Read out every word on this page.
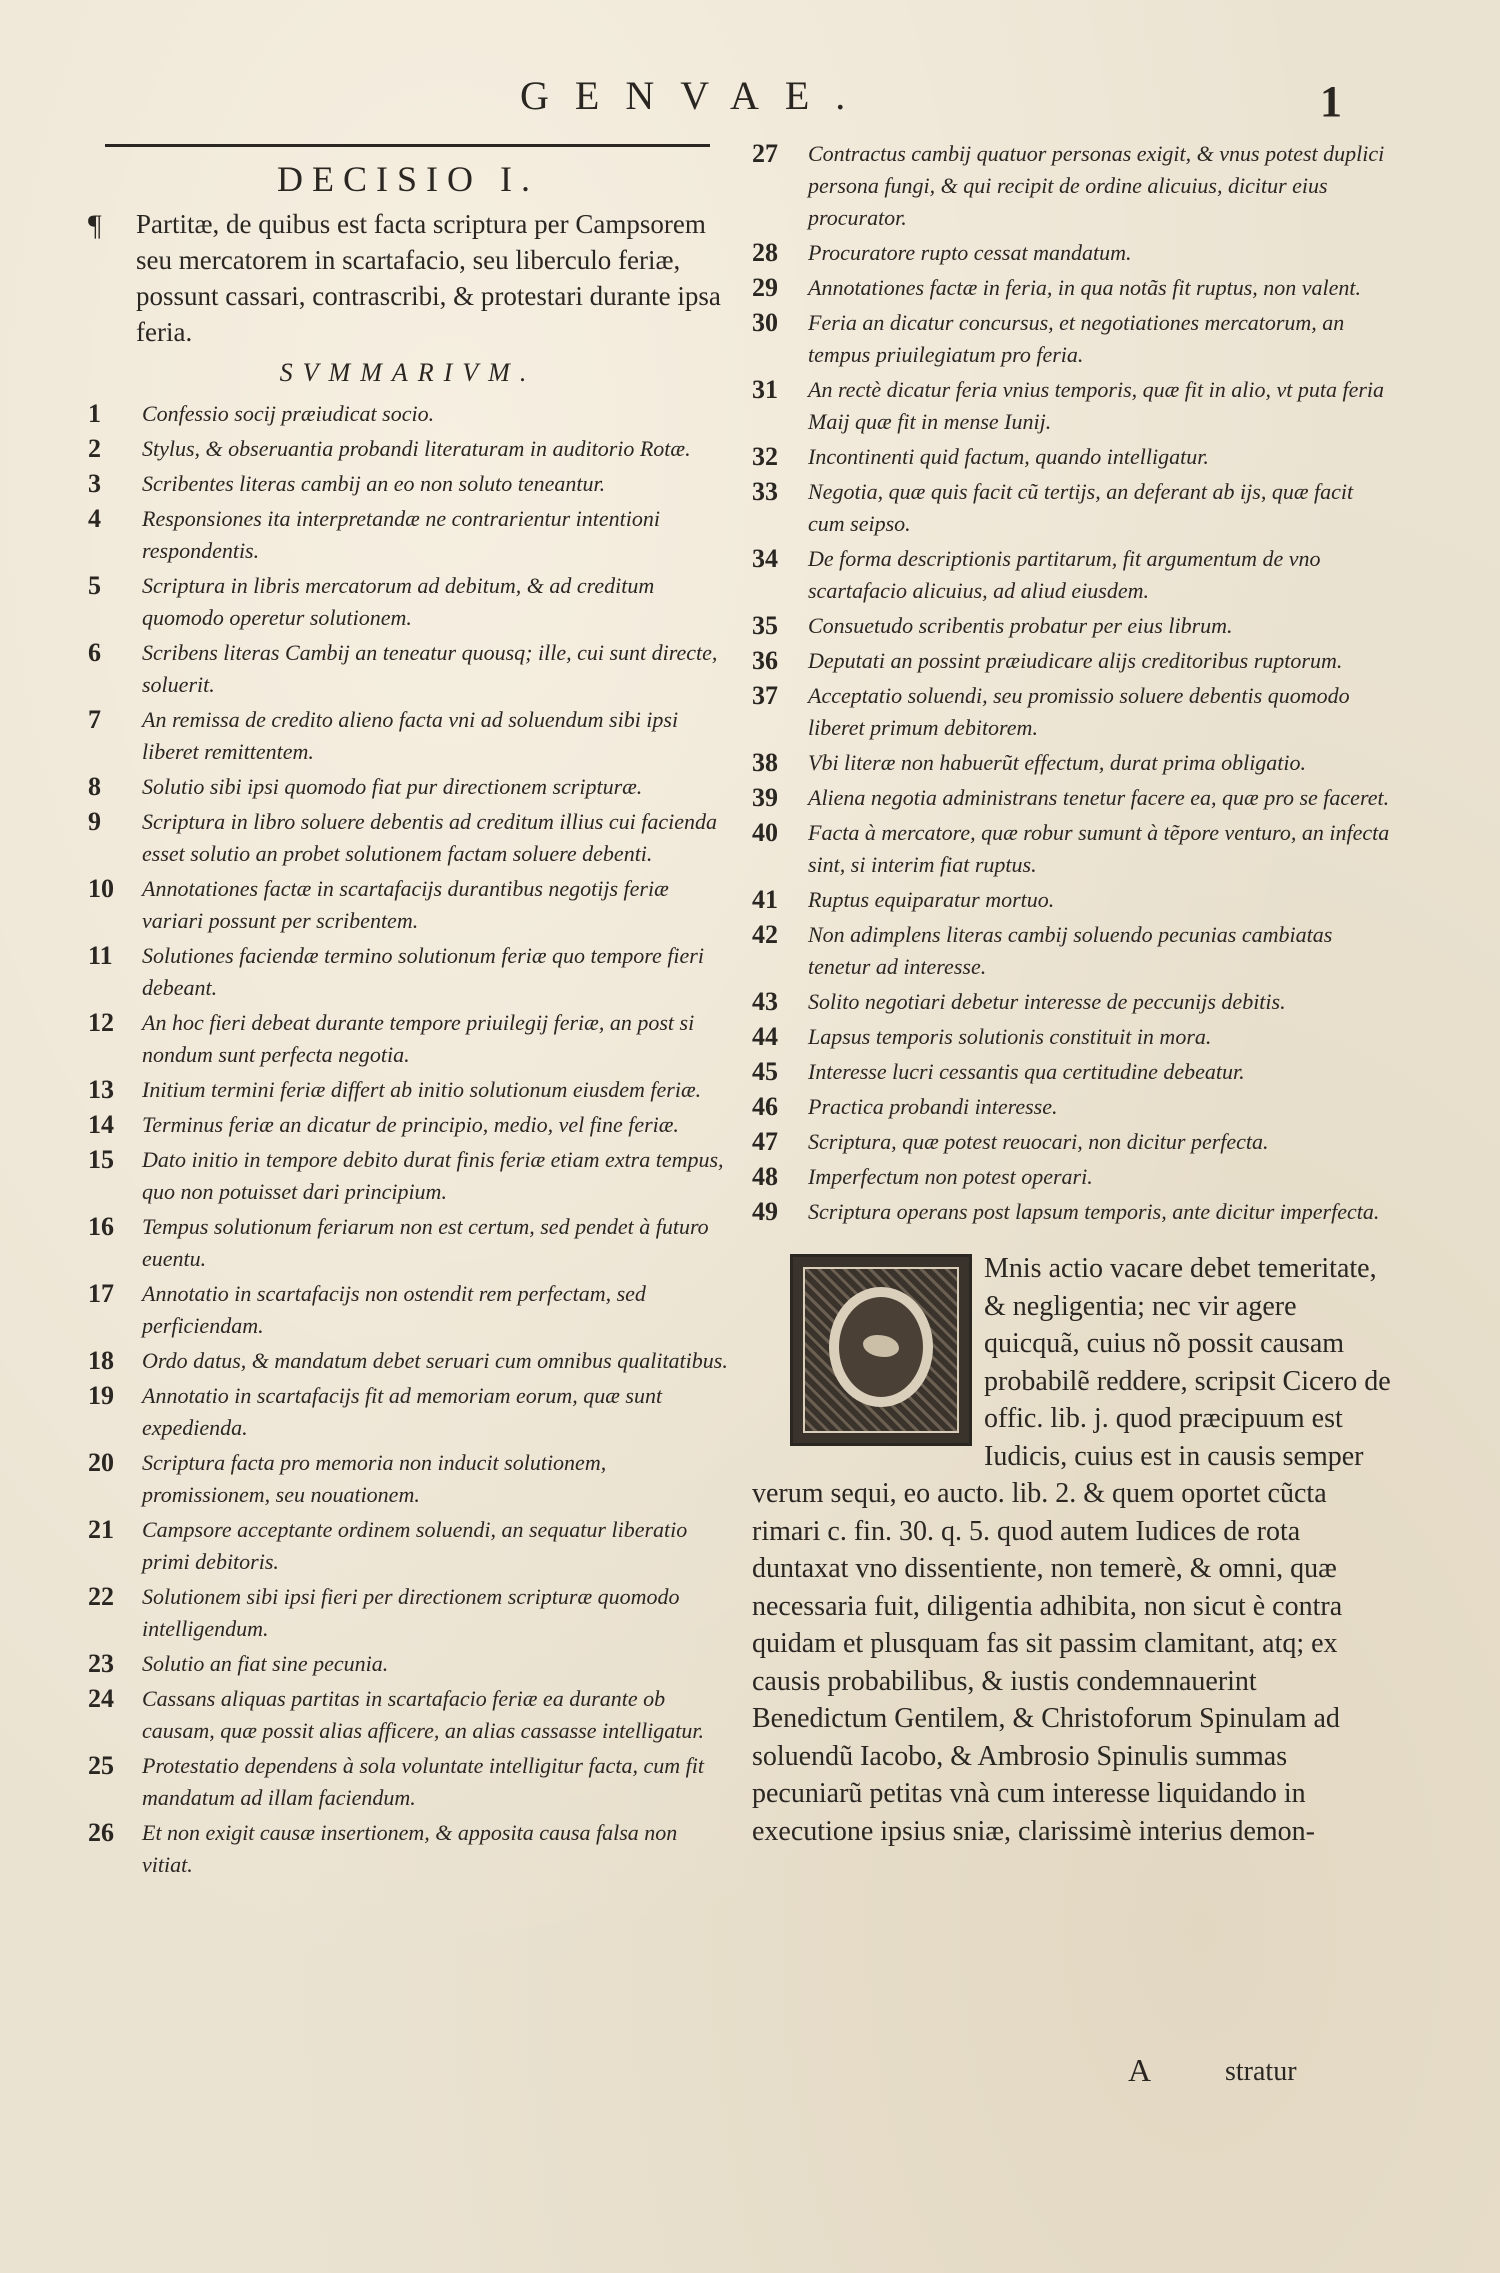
GENVAE.	1
DECISIO I.
¶ Partitæ, de quibus est facta scriptura per Campsorem seu mercatorem in scartafacio, seu liberculo feriæ, possunt cassari, contrascribi, & protestari durante ipsa feria.
SVMMARIVM.
1 Confessio socij præiudicat socio.
2 Stylus, & obseruantia probandi literaturam in auditorio Rotæ.
3 Scribentes literas cambij an eo non soluto teneantur.
4 Responsiones ita interpretandæ ne contrarientur intentioni respondentis.
5 Scriptura in libris mercatorum ad debitum, & ad creditum quomodo operetur solutionem.
6 Scribens literas Cambij an teneatur quousq; ille, cui sunt directe, soluerit.
7 An remissa de credito alieno facta vni ad soluendum sibi ipsi liberet remittentem.
8 Solutio sibi ipsi quomodo fiat pur directionem scripturæ.
9 Scriptura in libro soluere debentis ad creditum illius cui facienda esset solutio an probet solutionem factam soluere debenti.
10 Annotationes factæ in scartafacijs durantibus negotijs feriæ variari possunt per scribentem.
11 Solutiones faciendæ termino solutionum feriæ quo tempore fieri debeant.
12 An hoc fieri debeat durante tempore priuilegij feriæ, an post si nondum sunt perfecta negotia.
13 Initium termini feriæ differt ab initio solutionum eiusdem feriæ.
14 Terminus feriæ an dicatur de principio, medio, vel fine feriæ.
15 Dato initio in tempore debito durat finis feriæ etiam extra tempus, quo non potuisset dari principium.
16 Tempus solutionum feriarum non est certum, sed pendet à futuro euentu.
17 Annotatio in scartafacijs non ostendit rem perfectam, sed perficiendam.
18 Ordo datus, & mandatum debet seruari cum omnibus qualitatibus.
19 Annotatio in scartafacijs fit ad memoriam eorum, quæ sunt expedienda.
20 Scriptura facta pro memoria non inducit solutionem, promissionem, seu nouationem.
21 Campsore acceptante ordinem soluendi, an sequatur liberatio primi debitoris.
22 Solutionem sibi ipsi fieri per directionem scripturæ quomodo intelligendum.
23 Solutio an fiat sine pecunia.
24 Cassans aliquas partitas in scartafacio feriæ ea durante ob causam, quæ possit alias afficere, an alias cassasse intelligatur.
25 Protestatio dependens à sola voluntate intelligitur facta, cum fit mandatum ad illam faciendum.
26 Et non exigit causæ insertionem, & apposita causa falsa non vitiat.
27 Contractus cambij quatuor personas exigit, & vnus potest duplici persona fungi, & qui recipit de ordine alicuius, dicitur eius procurator.
28 Procuratore rupto cessat mandatum.
29 Annotationes factæ in feria, in qua notãs fit ruptus, non valent.
30 Feria an dicatur concursus, et negotiationes mercatorum, an tempus priuilegiatum pro feria.
31 An rectè dicatur feria vnius temporis, quæ fit in alio, vt puta feria Maij quæ fit in mense Iunij.
32 Incontinenti quid factum, quando intelligatur.
33 Negotia, quæ quis facit cũ tertijs, an deferant ab ijs, quæ facit cum seipso.
34 De forma descriptionis partitarum, fit argumentum de vno scartafacio alicuius, ad aliud eiusdem.
35 Consuetudo scribentis probatur per eius librum.
36 Deputati an possint præiudicare alijs creditoribus ruptorum.
37 Acceptatio soluendi, seu promissio soluere debentis quomodo liberet primum debitorem.
38 Vbi literæ non habuerũt effectum, durat prima obligatio.
39 Aliena negotia administrans tenetur facere ea, quæ pro se faceret.
40 Facta à mercatore, quæ robur sumunt à tẽpore venturo, an infecta sint, si interim fiat ruptus.
41 Ruptus equiparatur mortuo.
42 Non adimplens literas cambij soluendo pecunias cambiatas tenetur ad interesse.
43 Solito negotiari debetur interesse de peccunijs debitis.
44 Lapsus temporis solutionis constituit in mora.
45 Interesse lucri cessantis qua certitudine debeatur.
46 Practica probandi interesse.
47 Scriptura, quæ potest reuocari, non dicitur perfecta.
48 Imperfectum non potest operari.
49 Scriptura operans post lapsum temporis, ante dicitur imperfecta.
Mnis actio vacare debet temeritate, & negligentia; nec vir agere quicquã, cuius nõ possit causam probabilẽ reddere, scripsit Cicero de offic. lib. j. quod præcipuum est Iudicis, cuius est in causis semper verum sequi, eo aucto. lib. 2. & quem oportet cũcta rimari c. fin. 30. q. 5. quod autem Iudices de rota duntaxat vno dissentiente, non temerè, & omni, quæ necessaria fuit, diligentia adhibita, non sicut è contra quidam et plusquam fas sit passim clamitant, atq; ex causis probabilibus, & iustis condemnauerint Benedictum Gentilem, & Christoforum Spinulam ad soluendũ Iacobo, & Ambrosio Spinulis summas pecuniarũ petitas vnà cum interesse liquidando in executione ipsius sniæ, clarissimè interius demon-
A	stratur
